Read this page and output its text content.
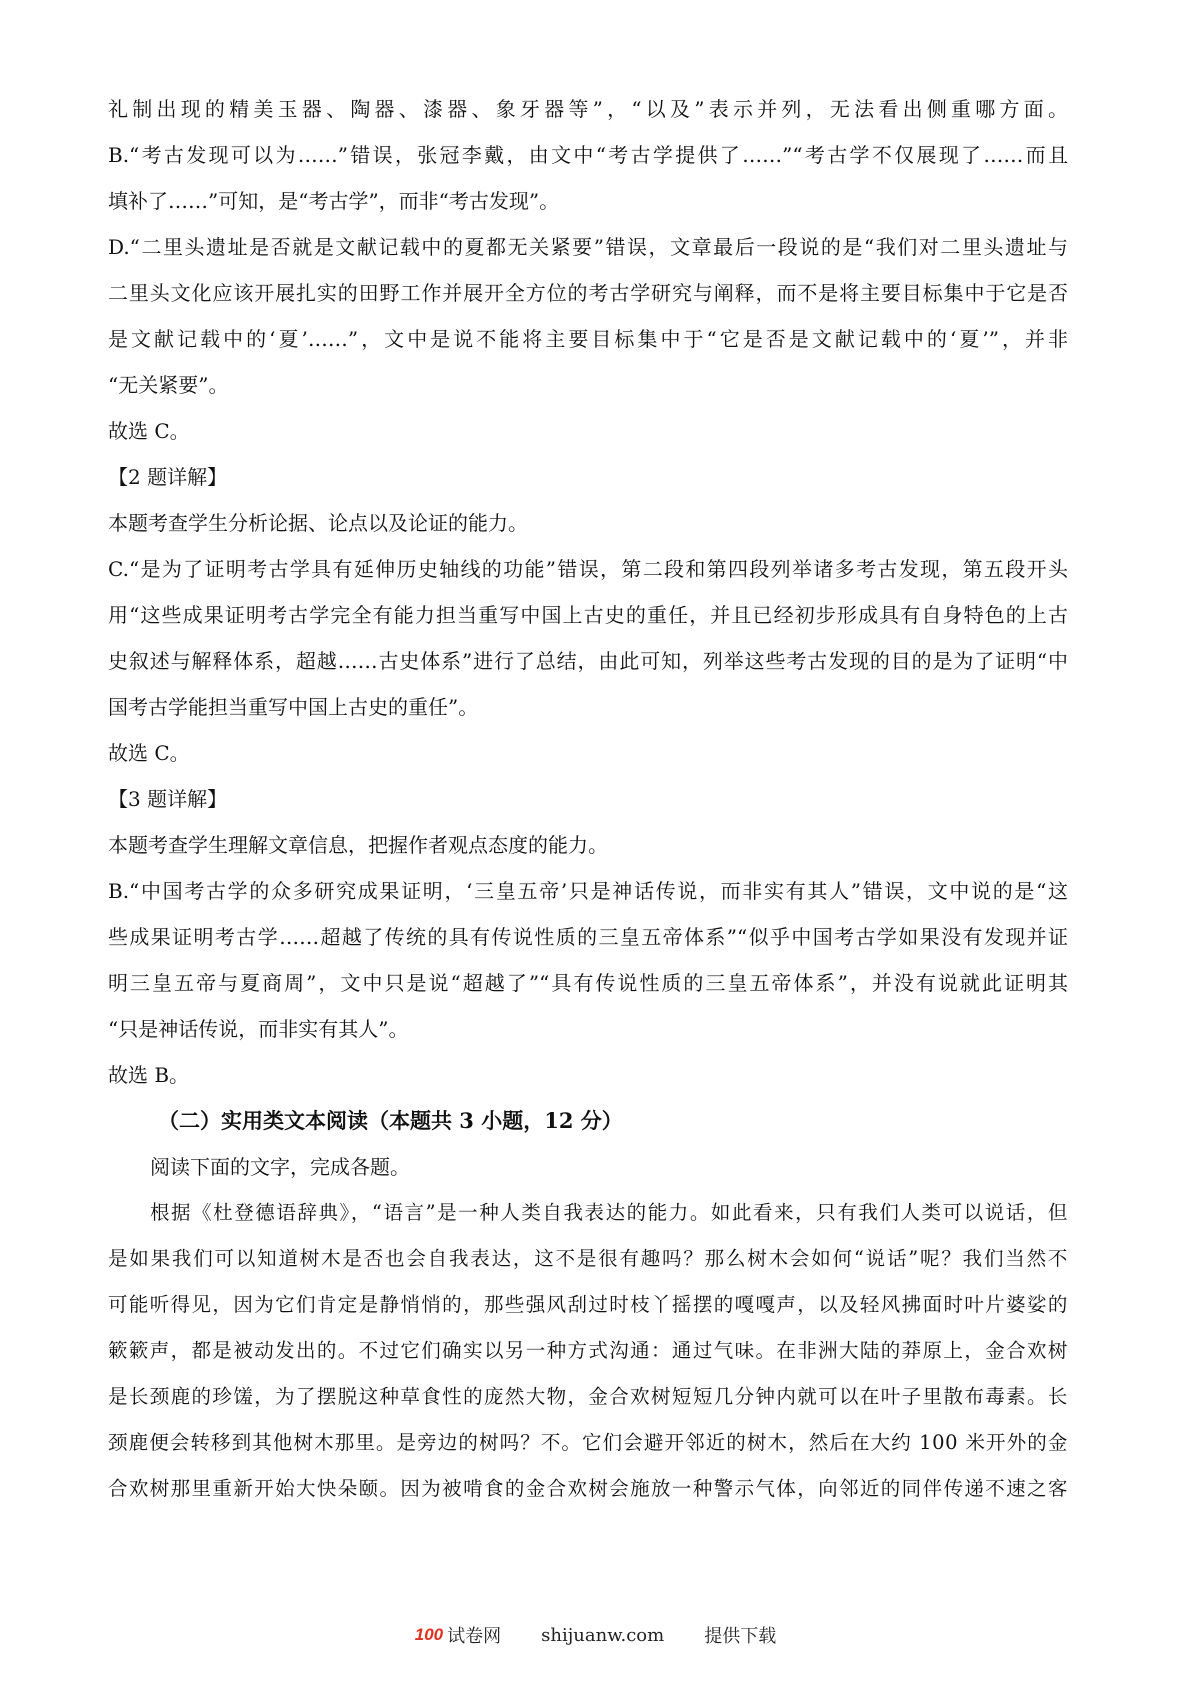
礼制出现的精美玉器、陶器、漆器、象牙器等”，“以及”表示并列，无法看出侧重哪方面。
B.“考古发现可以为……”错误，张冠李戴，由文中“考古学提供了……”“考古学不仅展现了……而且
填补了……”可知，是“考古学”，而非“考古发现”。
D.“二里头遗址是否就是文献记载中的夏都无关紧要”错误，文章最后一段说的是“我们对二里头遗址与
二里头文化应该开展扎实的田野工作并展开全方位的考古学研究与阐释，而不是将主要目标集中于它是否
是文献记载中的‘夏’……”，文中是说不能将主要目标集中于“它是否是文献记载中的‘夏’”，并非
“无关紧要”。
故选 C。
【2 题详解】
本题考查学生分析论据、论点以及论证的能力。
C.“是为了证明考古学具有延伸历史轴线的功能”错误，第二段和第四段列举诸多考古发现，第五段开头
用“这些成果证明考古学完全有能力担当重写中国上古史的重任，并且已经初步形成具有自身特色的上古
史叙述与解释体系，超越……古史体系”进行了总结，由此可知，列举这些考古发现的目的是为了证明“中
国考古学能担当重写中国上古史的重任”。
故选 C。
【3 题详解】
本题考查学生理解文章信息，把握作者观点态度的能力。
B.“中国考古学的众多研究成果证明，‘三皇五帝’只是神话传说，而非实有其人”错误，文中说的是“这
些成果证明考古学……超越了传统的具有传说性质的三皇五帝体系”“似乎中国考古学如果没有发现并证
明三皇五帝与夏商周”，文中只是说“超越了”“具有传说性质的三皇五帝体系”，并没有说就此证明其
“只是神话传说，而非实有其人”。
故选 B。
（二）实用类文本阅读（本题共 3 小题，12 分）
阅读下面的文字，完成各题。
根据《杜登德语辞典》，“语言”是一种人类自我表达的能力。如此看来，只有我们人类可以说话，但
是如果我们可以知道树木是否也会自我表达，这不是很有趣吗？那么树木会如何“说话”呢？我们当然不
可能听得见，因为它们肯定是静悄悄的，那些强风刮过时枝丫摇摆的嘎嘎声，以及轻风拂面时叶片婆娑的
簌簌声，都是被动发出的。不过它们确实以另一种方式沟通：通过气味。在非洲大陆的莽原上，金合欢树
是长颈鹿的珍馐，为了摆脱这种草食性的庞然大物，金合欢树短短几分钟内就可以在叶子里散布毒素。长
颈鹿便会转移到其他树木那里。是旁边的树吗？不。它们会避开邻近的树木，然后在大约 100 米开外的金
合欢树那里重新开始大快朵颐。因为被啃食的金合欢树会施放一种警示气体，向邻近的同伴传递不速之客
100 试卷网 shijuanw.com 提供下载
